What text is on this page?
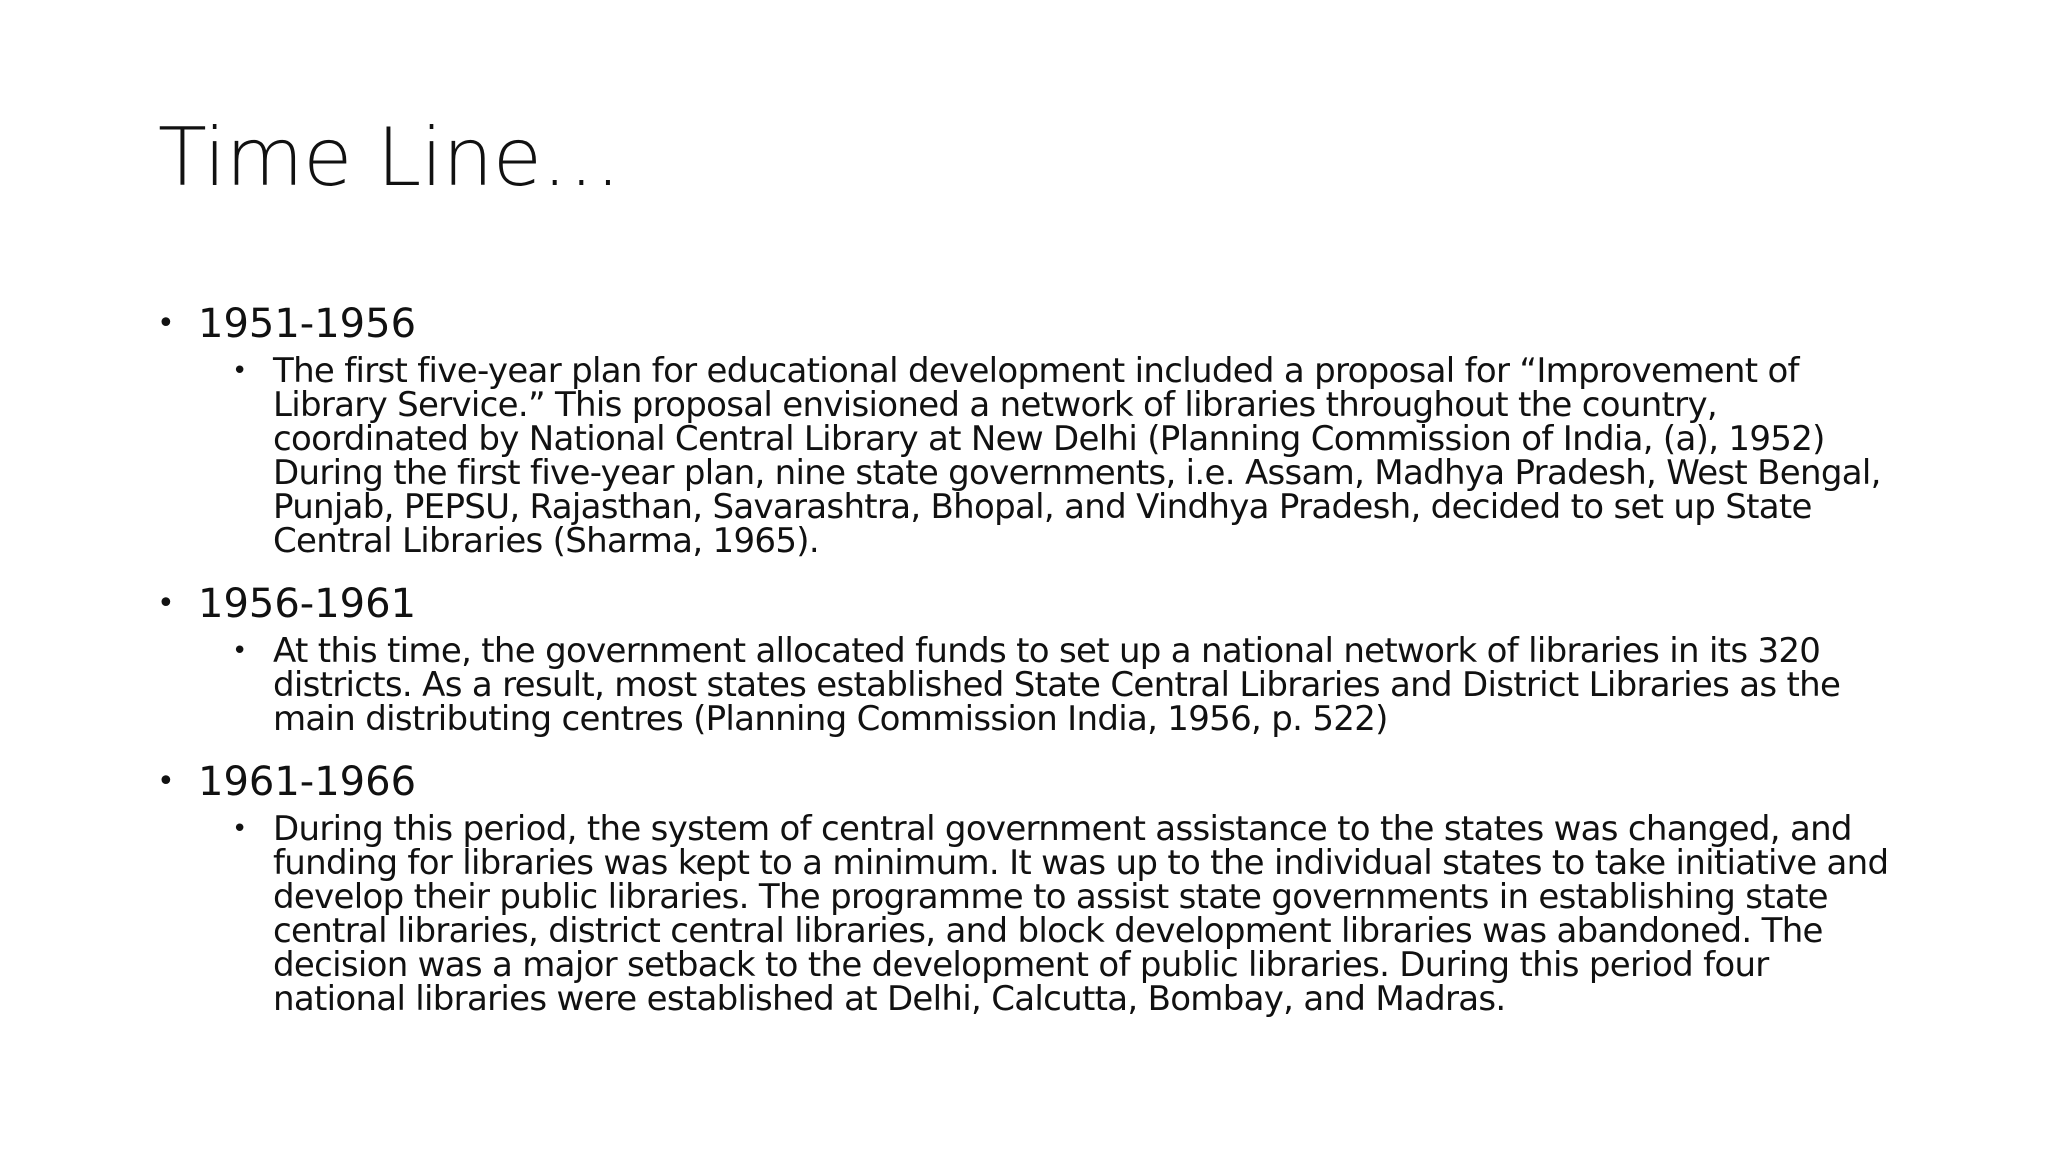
Time Line…
• 1951-1956
• The first five-year plan for educational development included a proposal for “Improvement of
Library Service.” This proposal envisioned a network of libraries throughout the country,
coordinated by National Central Library at New Delhi (Planning Commission of India, (a), 1952)
During the first five-year plan, nine state governments, i.e. Assam, Madhya Pradesh, West Bengal,
Punjab, PEPSU, Rajasthan, Savarashtra, Bhopal, and Vindhya Pradesh, decided to set up State
Central Libraries (Sharma, 1965).
• 1956-1961
• At this time, the government allocated funds to set up a national network of libraries in its 320
districts. As a result, most states established State Central Libraries and District Libraries as the
main distributing centres (Planning Commission India, 1956, p. 522)
• 1961-1966
• During this period, the system of central government assistance to the states was changed, and
funding for libraries was kept to a minimum. It was up to the individual states to take initiative and
develop their public libraries. The programme to assist state governments in establishing state
central libraries, district central libraries, and block development libraries was abandoned. The
decision was a major setback to the development of public libraries. During this period four
national libraries were established at Delhi, Calcutta, Bombay, and Madras.
